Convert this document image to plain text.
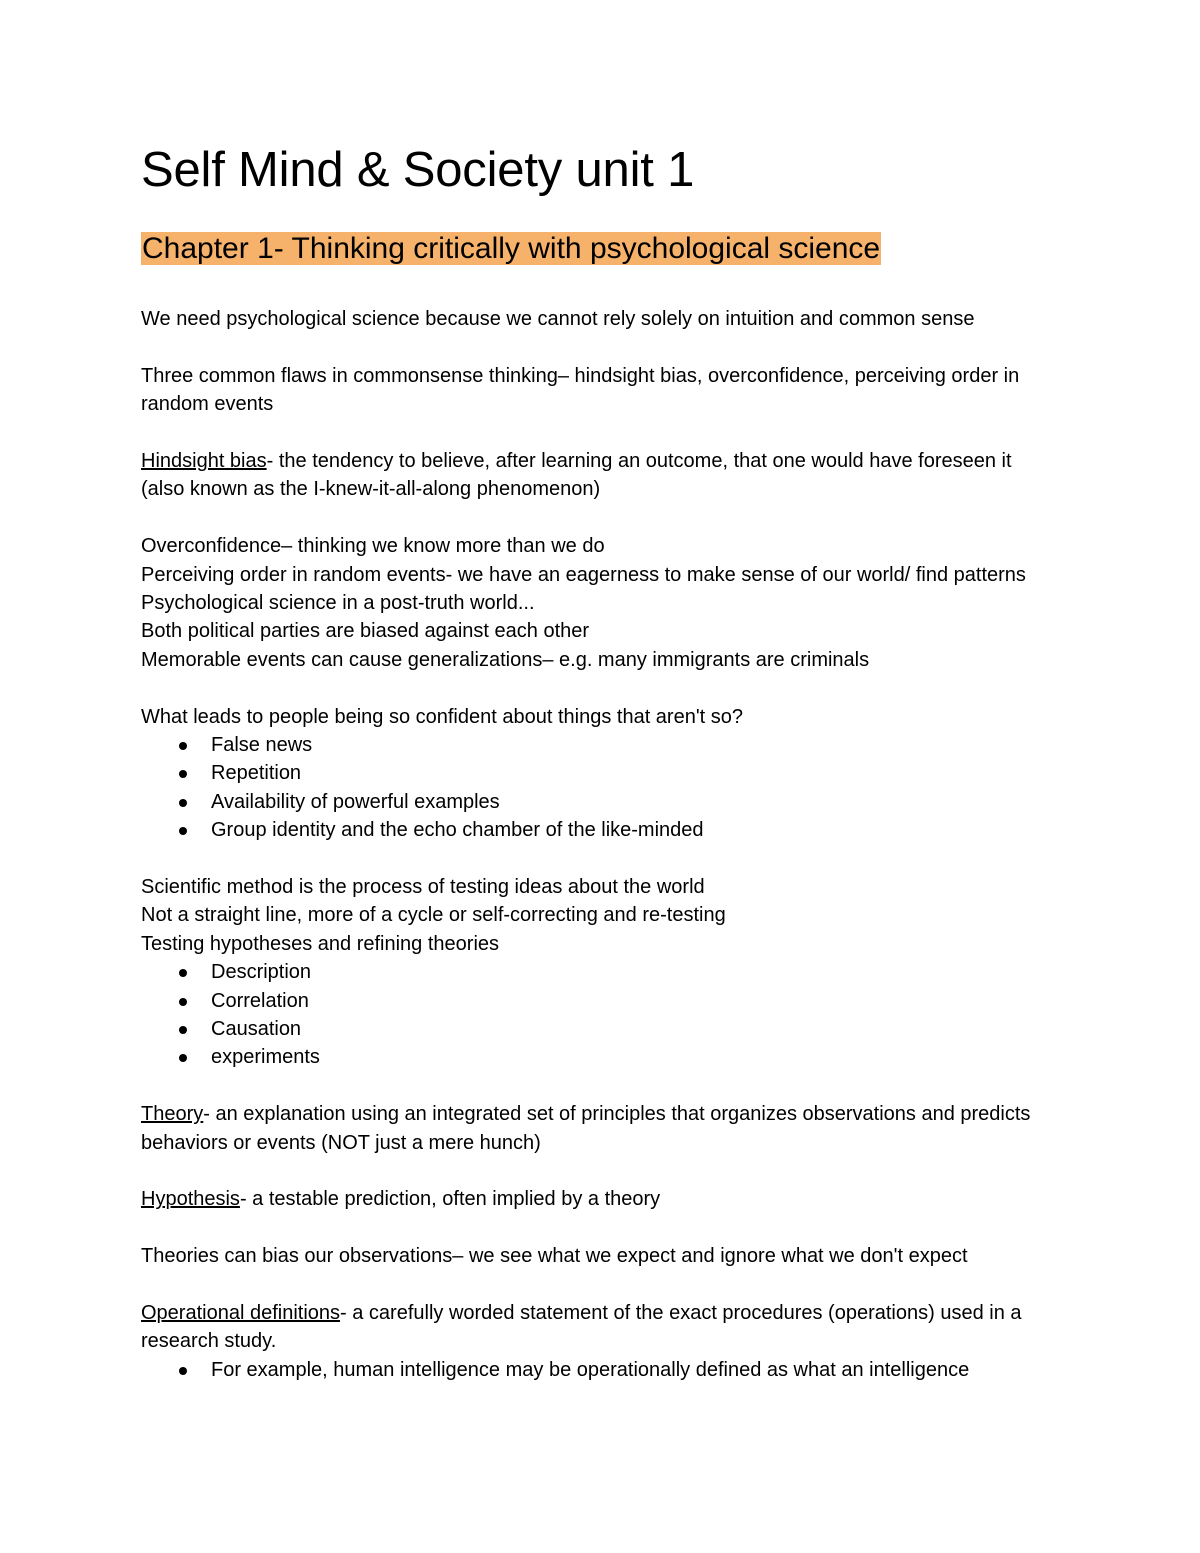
Self Mind & Society unit 1
Chapter 1- Thinking critically with psychological science

We need psychological science because we cannot rely solely on intuition and common sense

Three common flaws in commonsense thinking– hindsight bias, overconfidence, perceiving order in random events

Hindsight bias- the tendency to believe, after learning an outcome, that one would have foreseen it (also known as the I-knew-it-all-along phenomenon)

Overconfidence– thinking we know more than we do

Perceiving order in random events- we have an eagerness to make sense of our world/ find patterns

Psychological science in a post-truth world...

Both political parties are biased against each other

Memorable events can cause generalizations– e.g. many immigrants are criminals

What leads to people being so confident about things that aren't so?

False news
Repetition
Availability of powerful examples
Group identity and the echo chamber of the like-minded

Scientific method is the process of testing ideas about the world

Not a straight line, more of a cycle or self-correcting and re-testing

Testing hypotheses and refining theories

Description
Correlation
Causation
experiments

Theory- an explanation using an integrated set of principles that organizes observations and predicts behaviors or events (NOT just a mere hunch)

Hypothesis- a testable prediction, often implied by a theory

Theories can bias our observations– we see what we expect and ignore what we don't expect

Operational definitions- a carefully worded statement of the exact procedures (operations) used in a research study.

For example, human intelligence may be operationally defined as what an intelligence
